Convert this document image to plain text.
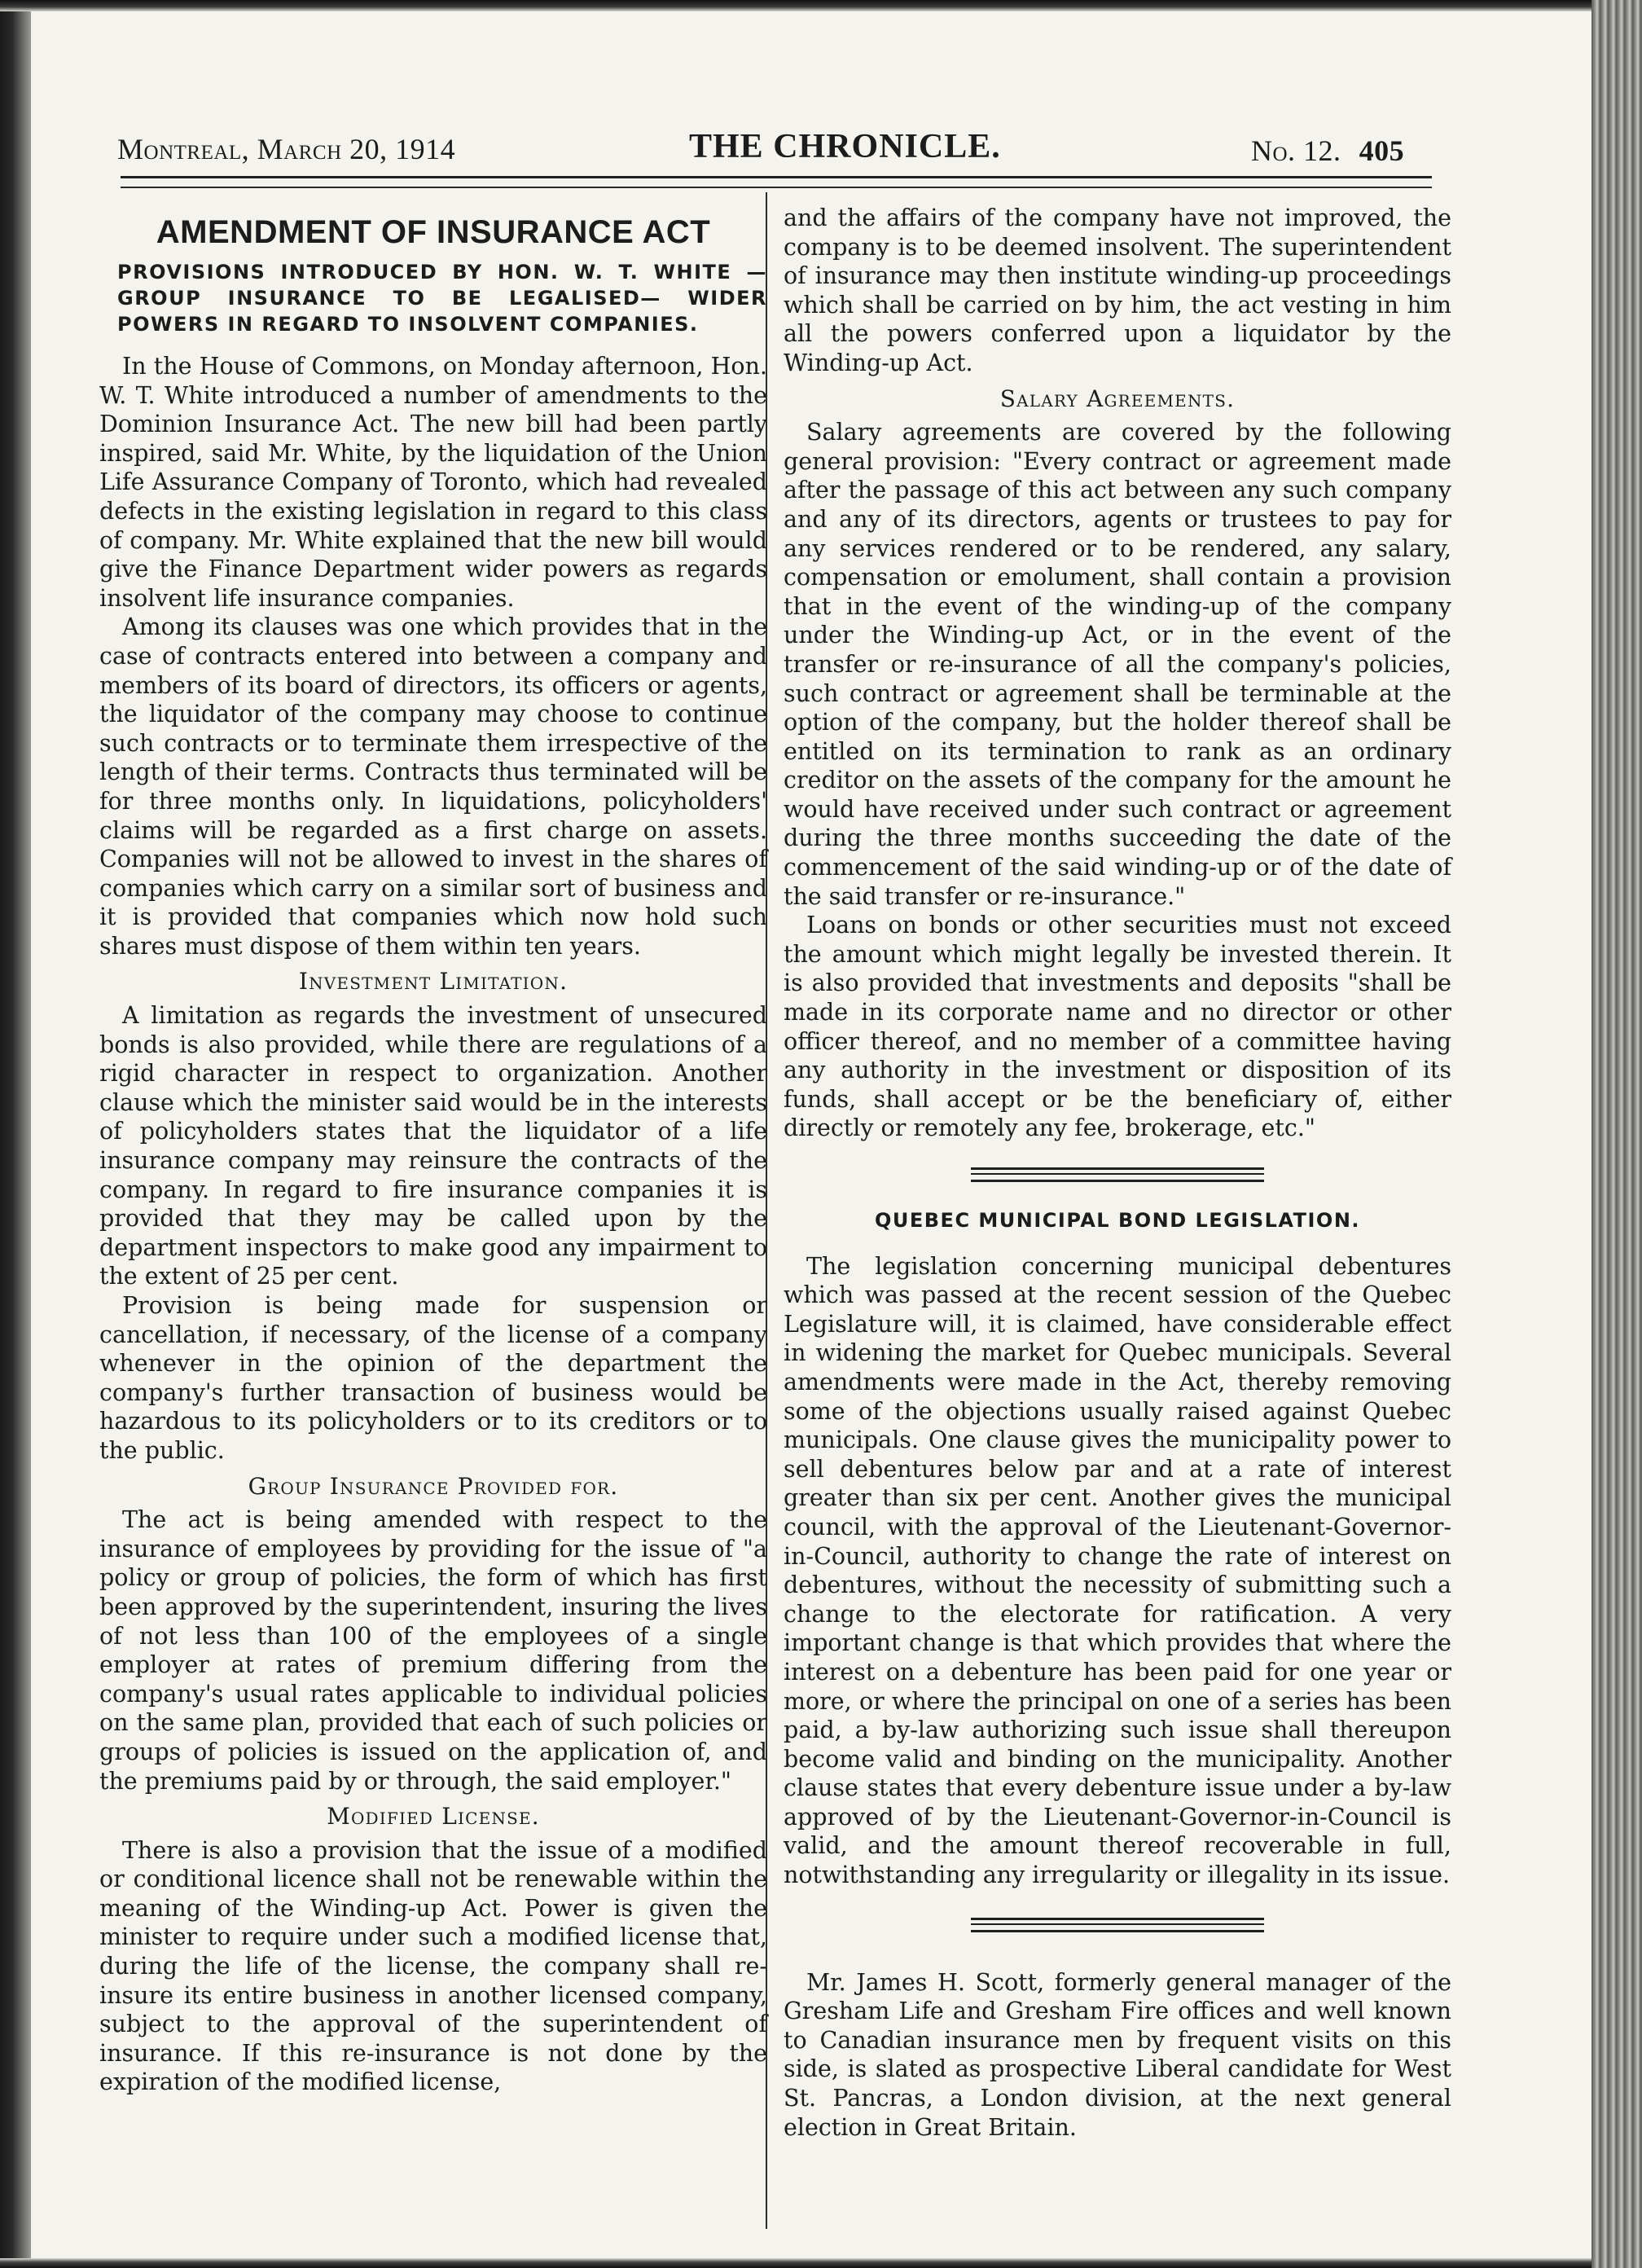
Montreal, March 20, 1914	THE CHRONICLE.	No. 12. 405
AMENDMENT OF INSURANCE ACT
PROVISIONS INTRODUCED BY HON. W. T. WHITE —GROUP INSURANCE TO BE LEGALISED— WIDER POWERS IN REGARD TO INSOLVENT COMPANIES.

In the House of Commons, on Monday afternoon, Hon. W. T. White introduced a number of amendments to the Dominion Insurance Act. The new bill had been partly inspired, said Mr. White, by the liquidation of the Union Life Assurance Company of Toronto, which had revealed defects in the existing legislation in regard to this class of company. Mr. White explained that the new bill would give the Finance Department wider powers as regards insolvent life insurance companies.

Among its clauses was one which provides that in the case of contracts entered into between a company and members of its board of directors, its officers or agents, the liquidator of the company may choose to continue such contracts or to terminate them irrespective of the length of their terms. Contracts thus terminated will be for three months only. In liquidations, policyholders' claims will be regarded as a first charge on assets. Companies will not be allowed to invest in the shares of companies which carry on a similar sort of business and it is provided that companies which now hold such shares must dispose of them within ten years.

Investment Limitation.

A limitation as regards the investment of unsecured bonds is also provided, while there are regulations of a rigid character in respect to organization. Another clause which the minister said would be in the interests of policyholders states that the liquidator of a life insurance company may reinsure the contracts of the company. In regard to fire insurance companies it is provided that they may be called upon by the department inspectors to make good any impairment to the extent of 25 per cent.

Provision is being made for suspension or cancellation, if necessary, of the license of a company whenever in the opinion of the department the company's further transaction of business would be hazardous to its policyholders or to its creditors or to the public.

Group Insurance Provided for.

The act is being amended with respect to the insurance of employees by providing for the issue of "a policy or group of policies, the form of which has first been approved by the superintendent, insuring the lives of not less than 100 of the employees of a single employer at rates of premium differing from the company's usual rates applicable to individual policies on the same plan, provided that each of such policies or groups of policies is issued on the application of, and the premiums paid by or through, the said employer."

Modified License.

There is also a provision that the issue of a modified or conditional licence shall not be renewable within the meaning of the Winding-up Act. Power is given the minister to require under such a modified license that, during the life of the license, the company shall re-insure its entire business in another licensed company, subject to the approval of the superintendent of insurance. If this re-insurance is not done by the expiration of the modified license,

and the affairs of the company have not improved, the company is to be deemed insolvent. The superintendent of insurance may then institute winding-up proceedings which shall be carried on by him, the act vesting in him all the powers conferred upon a liquidator by the Winding-up Act.

Salary Agreements.

Salary agreements are covered by the following general provision: "Every contract or agreement made after the passage of this act between any such company and any of its directors, agents or trustees to pay for any services rendered or to be rendered, any salary, compensation or emolument, shall contain a provision that in the event of the winding-up of the company under the Winding-up Act, or in the event of the transfer or re-insurance of all the company's policies, such contract or agreement shall be terminable at the option of the company, but the holder thereof shall be entitled on its termination to rank as an ordinary creditor on the assets of the company for the amount he would have received under such contract or agreement during the three months succeeding the date of the commencement of the said winding-up or of the date of the said transfer or re-insurance."

Loans on bonds or other securities must not exceed the amount which might legally be invested therein. It is also provided that investments and deposits "shall be made in its corporate name and no director or other officer thereof, and no member of a committee having any authority in the investment or disposition of its funds, shall accept or be the beneficiary of, either directly or remotely any fee, brokerage, etc."

QUEBEC MUNICIPAL BOND LEGISLATION.

The legislation concerning municipal debentures which was passed at the recent session of the Quebec Legislature will, it is claimed, have considerable effect in widening the market for Quebec municipals. Several amendments were made in the Act, thereby removing some of the objections usually raised against Quebec municipals. One clause gives the municipality power to sell debentures below par and at a rate of interest greater than six per cent. Another gives the municipal council, with the approval of the Lieutenant-Governor-in-Council, authority to change the rate of interest on debentures, without the necessity of submitting such a change to the electorate for ratification. A very important change is that which provides that where the interest on a debenture has been paid for one year or more, or where the principal on one of a series has been paid, a by-law authorizing such issue shall thereupon become valid and binding on the municipality. Another clause states that every debenture issue under a by-law approved of by the Lieutenant-Governor-in-Council is valid, and the amount thereof recoverable in full, notwithstanding any irregularity or illegality in its issue.

Mr. James H. Scott, formerly general manager of the Gresham Life and Gresham Fire offices and well known to Canadian insurance men by frequent visits on this side, is slated as prospective Liberal candidate for West St. Pancras, a London division, at the next general election in Great Britain.
